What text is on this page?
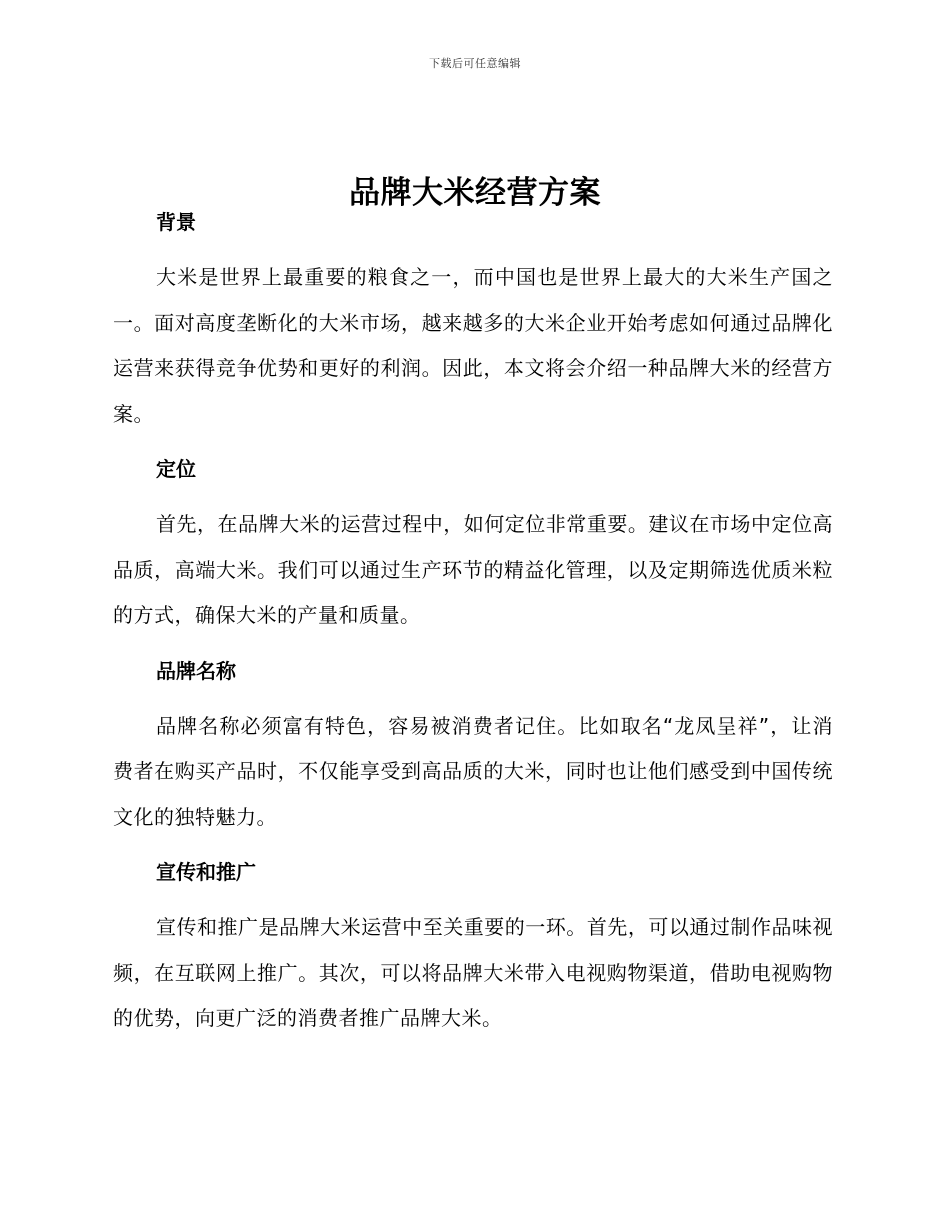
下载后可任意编辑
品牌大米经营方案
背景

大米是世界上最重要的粮食之一，而中国也是世界上最大的大米生产国之一。面对高度垄断化的大米市场，越来越多的大米企业开始考虑如何通过品牌化运营来获得竞争优势和更好的利润。因此，本文将会介绍一种品牌大米的经营方案。

定位

首先，在品牌大米的运营过程中，如何定位非常重要。建议在市场中定位高品质，高端大米。我们可以通过生产环节的精益化管理，以及定期筛选优质米粒的方式，确保大米的产量和质量。

品牌名称

品牌名称必须富有特色，容易被消费者记住。比如取名“龙凤呈祥”，让消费者在购买产品时，不仅能享受到高品质的大米，同时也让他们感受到中国传统文化的独特魅力。

宣传和推广

宣传和推广是品牌大米运营中至关重要的一环。首先，可以通过制作品味视频，在互联网上推广。其次，可以将品牌大米带入电视购物渠道，借助电视购物的优势，向更广泛的消费者推广品牌大米。
